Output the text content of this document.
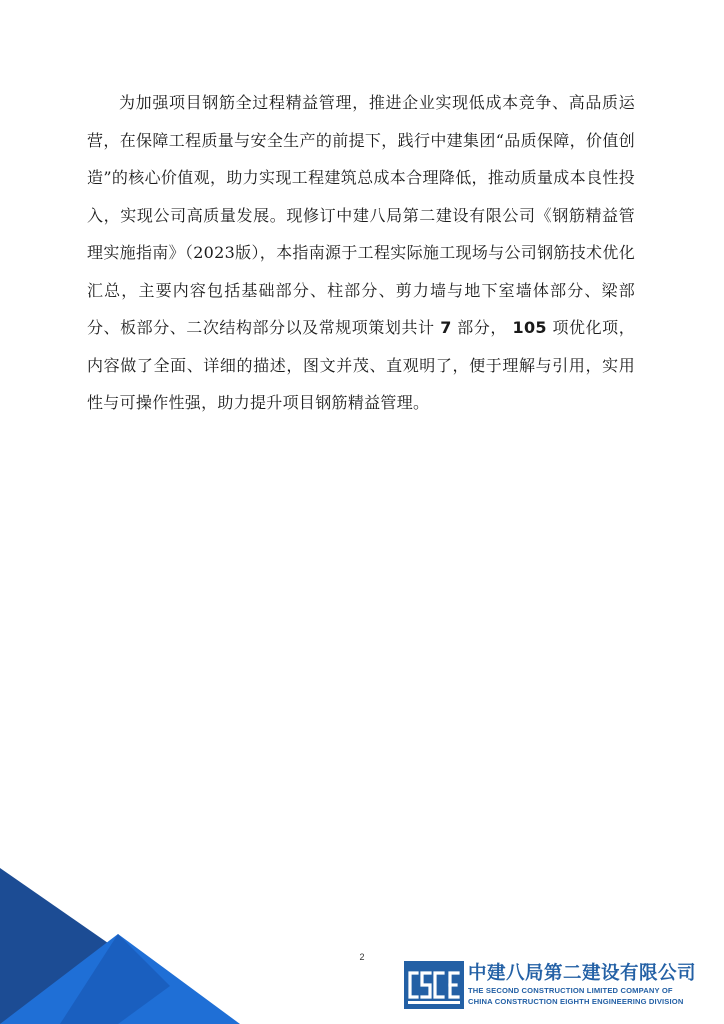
为加强项目钢筋全过程精益管理，推进企业实现低成本竞争、高品质运营，在保障工程质量与安全生产的前提下，践行中建集团“品质保障，价值创造”的核心价值观，助力实现工程建筑总成本合理降低，推动质量成本良性投入，实现公司高质量发展。现修订中建八局第二建设有限公司《钢筋精益管理实施指南》（2023版），本指南源于工程实际施工现场与公司钢筋技术优化汇总，主要内容包括基础部分、柱部分、剪力墙与地下室墙体部分、梁部分、板部分、二次结构部分以及常规项策划共计 7 部分， 105 项优化项，内容做了全面、详细的描述，图文并茂、直观明了，便于理解与引用，实用性与可操作性强，助力提升项目钢筋精益管理。

2
中建八局第二建设有限公司
THE SECOND CONSTRUCTION LIMITED COMPANY OF
CHINA CONSTRUCTION EIGHTH ENGINEERING DIVISION
